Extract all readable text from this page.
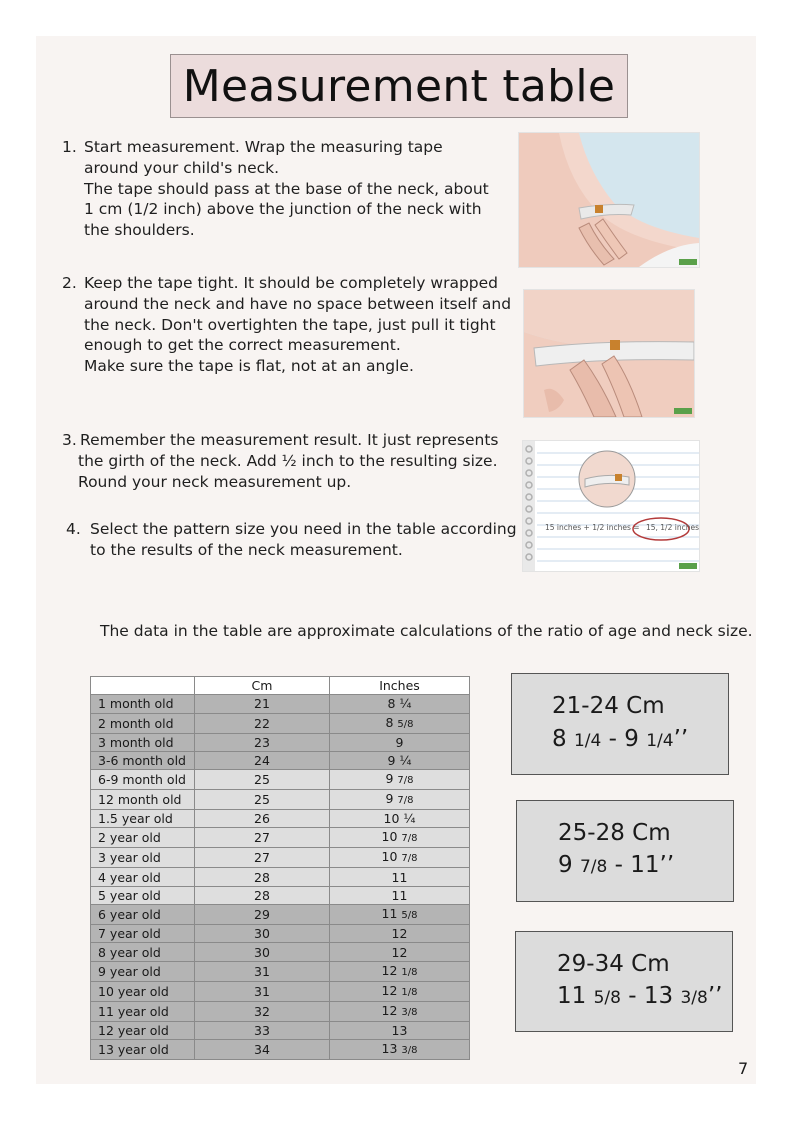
Measurement table
1. Start measurement. Wrap the measuring tape
around your child's neck.
The tape should pass at the base of the neck, about
1 cm (1/2 inch) above the junction of the neck with
the shoulders.
2. Keep the tape tight. It should be completely wrapped
around the neck and have no space between itself and
the neck. Don't overtighten the tape, just pull it tight
enough to get the correct measurement.
Make sure the tape is flat, not at an angle.
3. Remember the measurement result. It just represents
the girth of the neck. Add ½ inch to the resulting size.
Round your neck measurement up.
4. Select the pattern size you need in the table according
to the results of the neck measurement.
15 inches + 1/2 inches = 15, 1/2 inches
The data in the table are approximate calculations of the ratio of age and neck size.
	Cm	Inches
1 month old	21	8 ¼
2 month old	22	8 5/8
3 month old	23	9
3-6 month old	24	9 ¼
6-9 month old	25	9 7/8
12 month old	25	9 7/8
1.5 year old	26	10 ¼
2 year old	27	10 7/8
3 year old	27	10 7/8
4 year old	28	11
5 year old	28	11
6 year old	29	11 5/8
7 year old	30	12
8 year old	30	12
9 year old	31	12 1/8
10 year old	31	12 1/8
11 year old	32	12 3/8
12 year old	33	13
13 year old	34	13 3/8
21-24 Cm
8 1/4 - 9 1/4’’
25-28 Cm
9 7/8 - 11’’
29-34 Cm
11 5/8 - 13 3/8’’
7
